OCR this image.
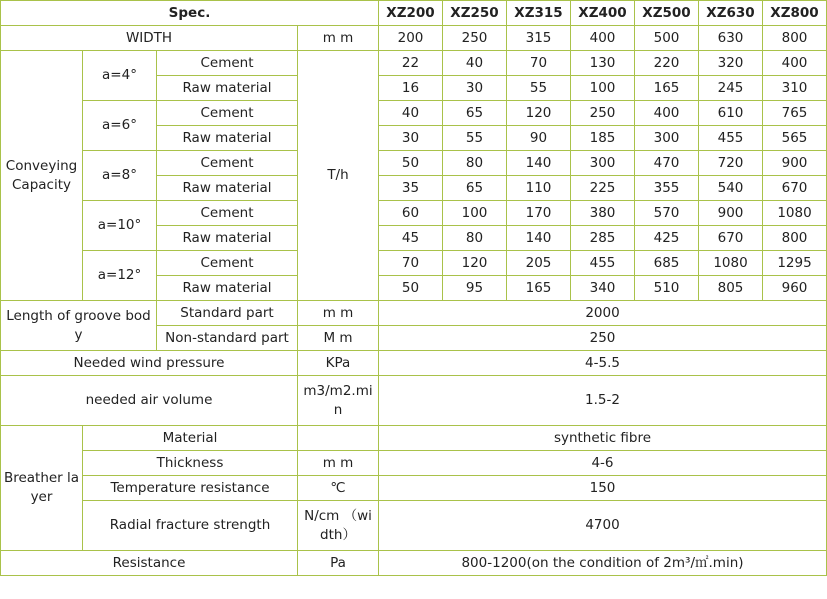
Spec.				XZ200	XZ250	XZ315	XZ400	XZ500	XZ630	XZ800
WIDTH			m m	200	250	315	400	500	630	800
Conveying Capacity	a=4°	Cement	T/h	22	40	70	130	220	320	400
		Raw material		16	30	55	100	165	245	310
	a=6°	Cement		40	65	120	250	400	610	765
		Raw material		30	55	90	185	300	455	565
	a=8°	Cement		50	80	140	300	470	720	900
		Raw material		35	65	110	225	355	540	670
	a=10°	Cement		60	100	170	380	570	900	1080
		Raw material		45	80	140	285	425	670	800
	a=12°	Cement		70	120	205	455	685	1080	1295
		Raw material		50	95	165	340	510	805	960
Length of groove body		Standard part	m m	2000						
		Non-standard part	M m	250						
Needed wind pressure			KPa	4-5.5						
needed air volume			m3/m2.min	1.5-2						
Breather layer	Material			synthetic fibre						
	Thickness		m m	4-6						
	Temperature resistance		℃	150						
	Radial fracture strength		N/cm （width）	4700						
Resistance			Pa	800-1200(on the condition of 2m³/㎡.min)						
